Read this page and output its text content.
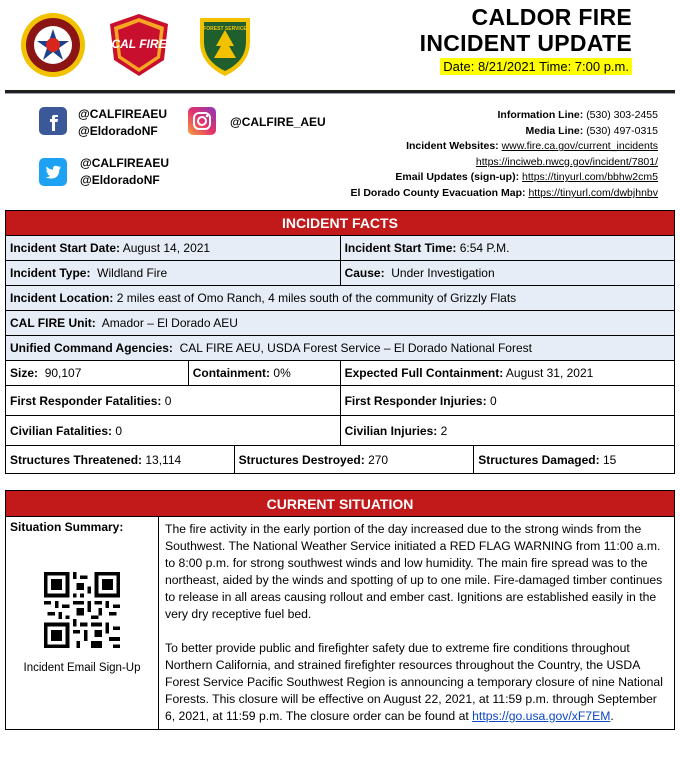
CAL FIRE
FOREST SERVICE	CALDOR FIRE
INCIDENT UPDATE
Date: 8/21/2021 Time: 7:00 p.m.
@CALFIREAEU
@EldoradoNF
@CALFIRE_AEU
@CALFIREAEU
@EldoradoNF
Information Line: (530) 303-2455
Media Line: (530) 497-0315
Incident Websites: www.fire.ca.gov/current_incidents
https://inciweb.nwcg.gov/incident/7801/
Email Updates (sign-up): https://tinyurl.com/bbhw2cm5
El Dorado County Evacuation Map: https://tinyurl.com/dwbjhnbv
INCIDENT FACTS				
Incident Start Date: August 14, 2021			Incident Start Time: 6:54 P.M.	
Incident Type: Wildland Fire			Cause: Under Investigation	
Incident Location: 2 miles east of Omo Ranch, 4 miles south of the community of Grizzly Flats				
CAL FIRE Unit: Amador – El Dorado AEU				
Unified Command Agencies: CAL FIRE AEU, USDA Forest Service – El Dorado National Forest				
Size: 90,107	Containment: 0%		Expected Full Containment: August 31, 2021	
First Responder Fatalities: 0			First Responder Injuries: 0	
Civilian Fatalities: 0			Civilian Injuries: 2	
Structures Threatened: 13,114		Structures Destroyed: 270		Structures Damaged: 15
CURRENT SITUATION

Situation Summary:
Incident Email Sign-Up

The fire activity in the early portion of the day increased due to the strong winds from the Southwest. The National Weather Service initiated a RED FLAG WARNING from 11:00 a.m. to 8:00 p.m. for strong southwest winds and low humidity. The main fire spread was to the northeast, aided by the winds and spotting of up to one mile. Fire-damaged timber continues to release in all areas causing rollout and ember cast. Ignitions are established easily in the very dry receptive fuel bed.

To better provide public and firefighter safety due to extreme fire conditions throughout Northern California, and strained firefighter resources throughout the Country, the USDA Forest Service Pacific Southwest Region is announcing a temporary closure of nine National Forests. This closure will be effective on August 22, 2021, at 11:59 p.m. through September 6, 2021, at 11:59 p.m. The closure order can be found at https://go.usa.gov/xF7EM.
